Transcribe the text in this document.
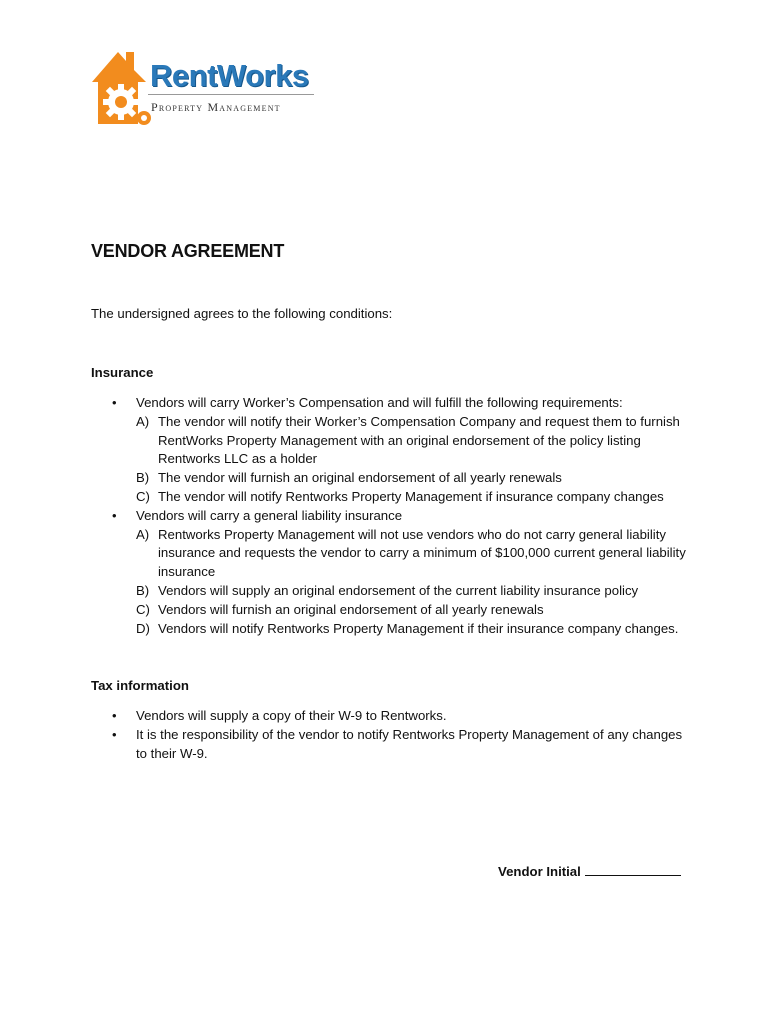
RentWorks
Property Management
VENDOR AGREEMENT
The undersigned agrees to the following conditions:
Insurance
• Vendors will carry Worker’s Compensation and will fulfill the following requirements:
A) The vendor will notify their Worker’s Compensation Company and request them to furnish RentWorks Property Management with an original endorsement of the policy listing Rentworks LLC as a holder
B) The vendor will furnish an original endorsement of all yearly renewals
C) The vendor will notify Rentworks Property Management if insurance company changes
• Vendors will carry a general liability insurance
A) Rentworks Property Management will not use vendors who do not carry general liability insurance and requests the vendor to carry a minimum of $100,000 current general liability insurance
B) Vendors will supply an original endorsement of the current liability insurance policy
C) Vendors will furnish an original endorsement of all yearly renewals
D) Vendors will notify Rentworks Property Management if their insurance company changes.
Tax information
• Vendors will supply a copy of their W-9 to Rentworks.
• It is the responsibility of the vendor to notify Rentworks Property Management of any changes to their W-9.
Vendor Initial
